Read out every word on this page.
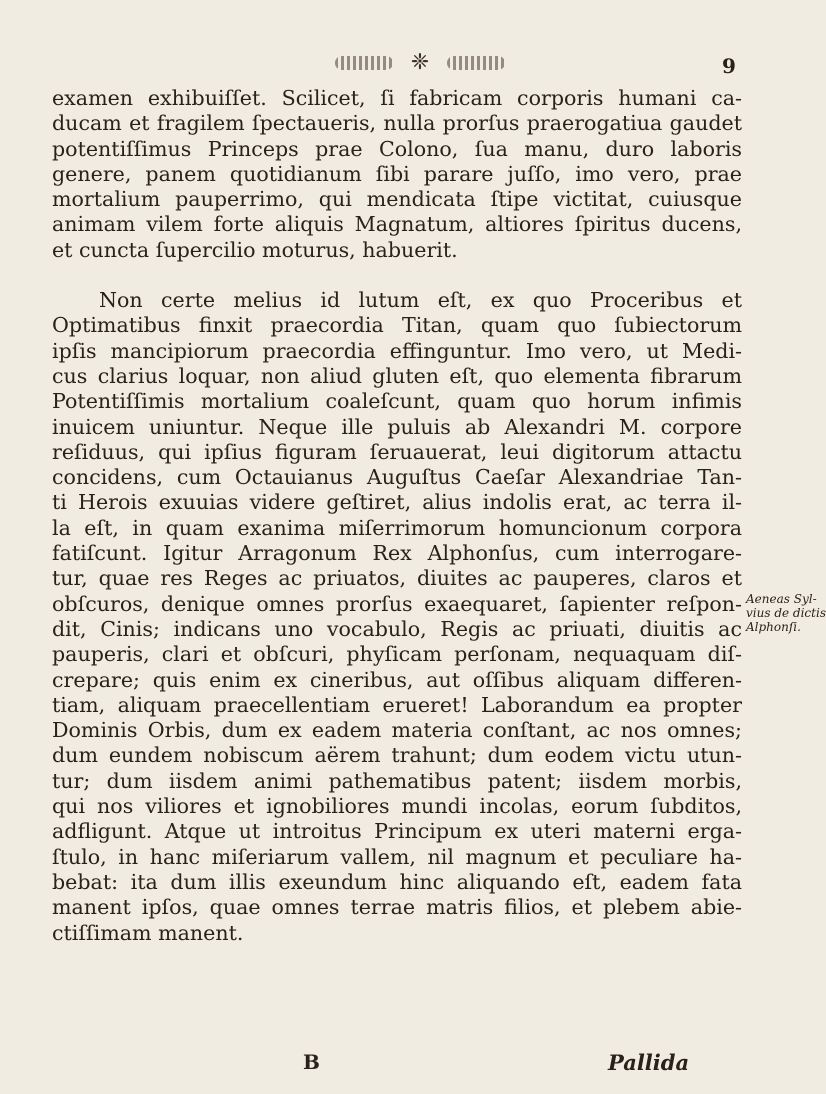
❈	9

examen exhibuiſſet. Scilicet, ſi fabricam corporis humani ca-
ducam et fragilem ſpectaueris, nulla prorſus praerogatiua gaudet
potentiſſimus Princeps prae Colono, ſua manu, duro laboris
genere, panem quotidianum ſibi parare juſſo, imo vero, prae
mortalium pauperrimo, qui mendicata ſtipe victitat, cuiusque
animam vilem forte aliquis Magnatum, altiores ſpiritus ducens,
et cuncta ſupercilio moturus, habuerit.

Non certe melius id lutum eſt, ex quo Proceribus et
Optimatibus finxit praecordia Titan, quam quo ſubiectorum
ipſis mancipiorum praecordia effinguntur. Imo vero, ut Medi-
cus clarius loquar, non aliud gluten eſt, quo elementa fibrarum
Potentiſſimis mortalium coaleſcunt, quam quo horum infimis
inuicem uniuntur. Neque ille puluis ab Alexandri M. corpore
reſiduus, qui ipſius figuram ſeruauerat, leui digitorum attactu
concidens, cum Octauianus Auguſtus Caeſar Alexandriae Tan-
ti Herois exuuias videre geſtiret, alius indolis erat, ac terra il-
la eſt, in quam exanima miſerrimorum homuncionum corpora
fatiſcunt. Igitur Arragonum Rex Alphonſus, cum interrogare-
tur, quae res Reges ac priuatos, diuites ac pauperes, claros et
obſcuros, denique omnes prorſus exaequaret, ſapienter reſpon-
dit, Cinis; indicans uno vocabulo, Regis ac priuati, diuitis ac
pauperis, clari et obſcuri, phyſicam perſonam, nequaquam diſ-
crepare; quis enim ex cineribus, aut oſſibus aliquam differen-
tiam, aliquam praecellentiam erueret! Laborandum ea propter
Dominis Orbis, dum ex eadem materia conſtant, ac nos omnes;
dum eundem nobiscum aërem trahunt; dum eodem victu utun-
tur; dum iisdem animi pathematibus patent; iisdem morbis,
qui nos viliores et ignobiliores mundi incolas, eorum ſubditos,
adfligunt. Atque ut introitus Principum ex uteri materni erga-
ſtulo, in hanc miſeriarum vallem, nil magnum et peculiare ha-
bebat: ita dum illis exeundum hinc aliquando eſt, eadem fata
manent ipſos, quae omnes terrae matris filios, et plebem abie-
ctiſſimam manent.

Aeneas Syl-
vius de dictis
Alphonſi.
B	Pallida
